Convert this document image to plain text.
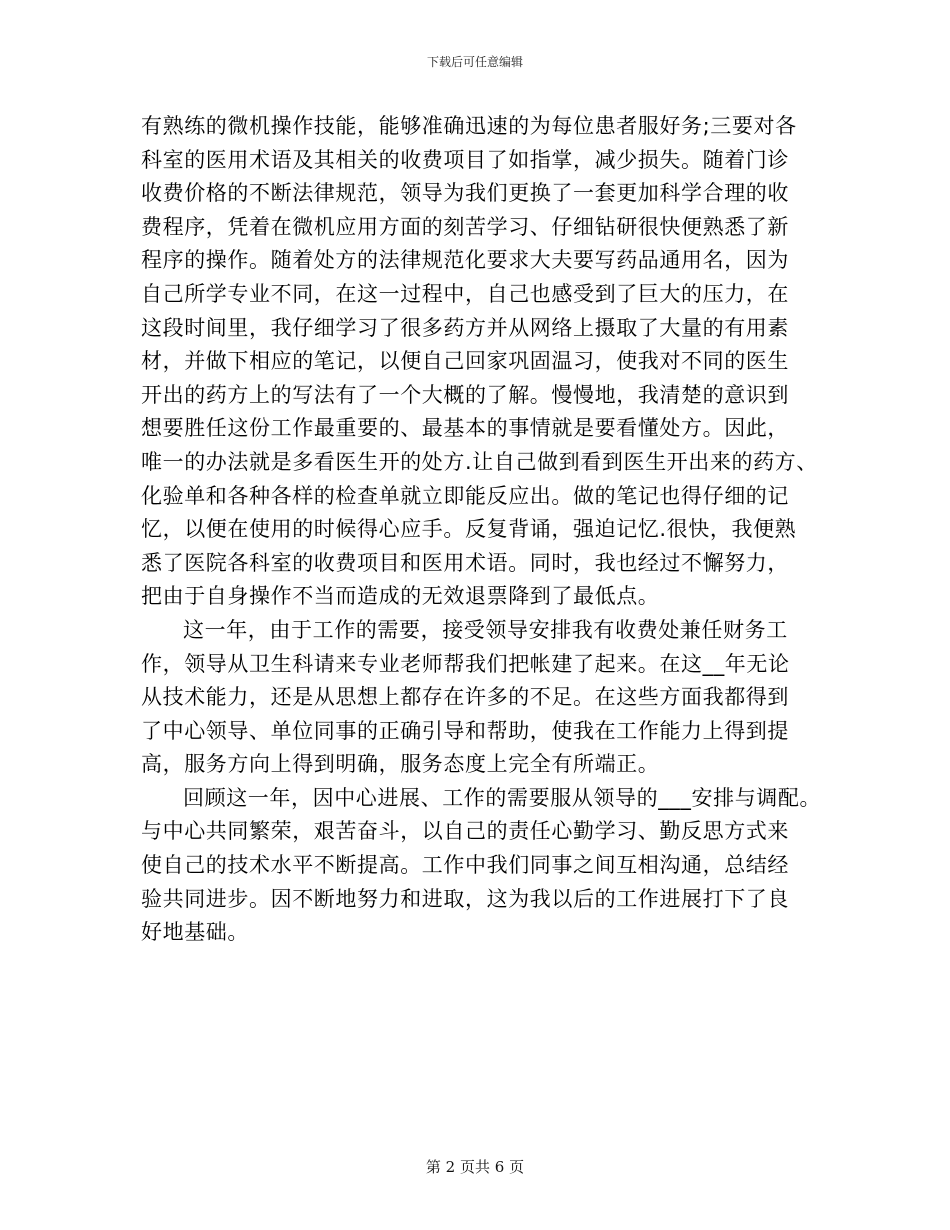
下载后可任意编辑
有熟练的微机操作技能，能够准确迅速的为每位患者服好务;三要对各
科室的医用术语及其相关的收费项目了如指掌，减少损失。随着门诊
收费价格的不断法律规范，领导为我们更换了一套更加科学合理的收
费程序，凭着在微机应用方面的刻苦学习、仔细钻研很快便熟悉了新
程序的操作。随着处方的法律规范化要求大夫要写药品通用名，因为
自己所学专业不同，在这一过程中，自己也感受到了巨大的压力，在
这段时间里，我仔细学习了很多药方并从网络上摄取了大量的有用素
材，并做下相应的笔记，以便自己回家巩固温习，使我对不同的医生
开出的药方上的写法有了一个大概的了解。慢慢地，我清楚的意识到
想要胜任这份工作最重要的、最基本的事情就是要看懂处方。因此，
唯一的办法就是多看医生开的处方.让自己做到看到医生开出来的药方、
化验单和各种各样的检查单就立即能反应出。做的笔记也得仔细的记
忆，以便在使用的时候得心应手。反复背诵，强迫记忆.很快，我便熟
悉了医院各科室的收费项目和医用术语。同时，我也经过不懈努力，
把由于自身操作不当而造成的无效退票降到了最低点。
这一年，由于工作的需要，接受领导安排我有收费处兼任财务工
作，领导从卫生科请来专业老师帮我们把帐建了起来。在这__年无论
从技术能力，还是从思想上都存在许多的不足。在这些方面我都得到
了中心领导、单位同事的正确引导和帮助，使我在工作能力上得到提
高，服务方向上得到明确，服务态度上完全有所端正。
回顾这一年，因中心进展、工作的需要服从领导的___安排与调配。
与中心共同繁荣，艰苦奋斗，以自己的责任心勤学习、勤反思方式来
使自己的技术水平不断提高。工作中我们同事之间互相沟通，总结经
验共同进步。因不断地努力和进取，这为我以后的工作进展打下了良
好地基础。
第 2 页共 6 页
